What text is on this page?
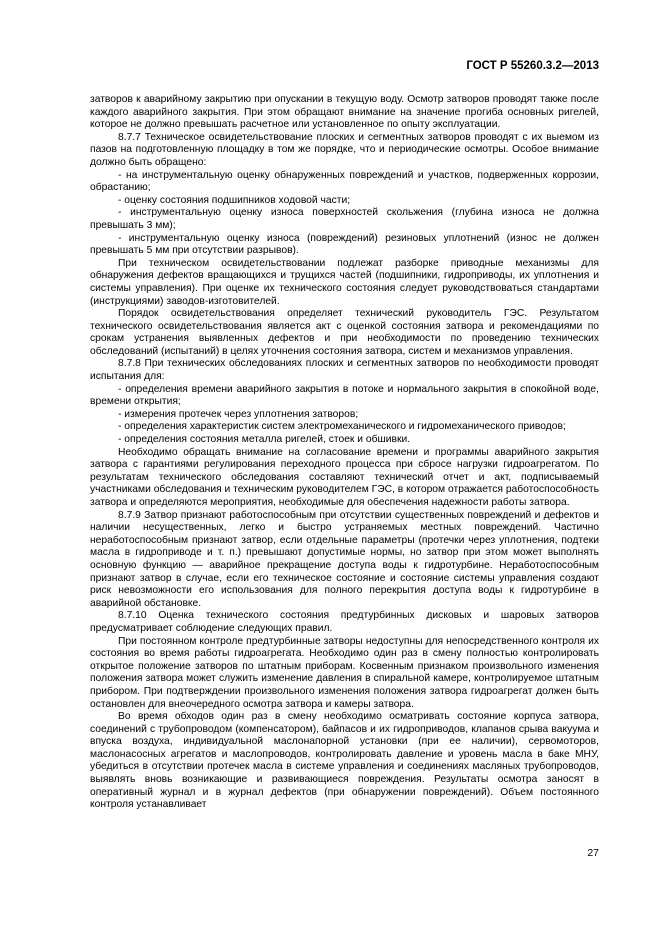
ГОСТ Р 55260.3.2—2013

затворов к аварийному закрытию при опускании в текущую воду. Осмотр затворов проводят также после каждого аварийного закрытия. При этом обращают внимание на значение прогиба основных ригелей, которое не должно превышать расчетное или установленное по опыту эксплуатации.

8.7.7 Техническое освидетельствование плоских и сегментных затворов проводят с их выемом из пазов на подготовленную площадку в том же порядке, что и периодические осмотры. Особое внимание должно быть обращено:

- на инструментальную оценку обнаруженных повреждений и участков, подверженных коррозии, обрастанию;

- оценку состояния подшипников ходовой части;

- инструментальную оценку износа поверхностей скольжения (глубина износа не должна превышать 3 мм);

- инструментальную оценку износа (повреждений) резиновых уплотнений (износ не должен превышать 5 мм при отсутствии разрывов).

При техническом освидетельствовании подлежат разборке приводные механизмы для обнаружения дефектов вращающихся и трущихся частей (подшипники, гидроприводы, их уплотнения и системы управления). При оценке их технического состояния следует руководствоваться стандартами (инструкциями) заводов-изготовителей.

Порядок освидетельствования определяет технический руководитель ГЭС. Результатом технического освидетельствования является акт с оценкой состояния затвора и рекомендациями по срокам устранения выявленных дефектов и при необходимости по проведению технических обследований (испытаний) в целях уточнения состояния затвора, систем и механизмов управления.

8.7.8 При технических обследованиях плоских и сегментных затворов по необходимости проводят испытания для:

- определения времени аварийного закрытия в потоке и нормального закрытия в спокойной воде, времени открытия;

- измерения протечек через уплотнения затворов;

- определения характеристик систем электромеханического и гидромеханического приводов;

- определения состояния металла ригелей, стоек и обшивки.

Необходимо обращать внимание на согласование времени и программы аварийного закрытия затвора с гарантиями регулирования переходного процесса при сбросе нагрузки гидроагрегатом. По результатам технического обследования составляют технический отчет и акт, подписываемый участниками обследования и техническим руководителем ГЭС, в котором отражается работоспособность затвора и определяются мероприятия, необходимые для обеспечения надежности работы затвора.

8.7.9 Затвор признают работоспособным при отсутствии существенных повреждений и дефектов и наличии несущественных, легко и быстро устраняемых местных повреждений. Частично неработоспособным признают затвор, если отдельные параметры (протечки через уплотнения, подтеки масла в гидроприводе и т. п.) превышают допустимые нормы, но затвор при этом может выполнять основную функцию — аварийное прекращение доступа воды к гидротурбине. Неработоспособным признают затвор в случае, если его техническое состояние и состояние системы управления создают риск невозможности его использования для полного перекрытия доступа воды к гидротурбине в аварийной обстановке.

8.7.10 Оценка технического состояния предтурбинных дисковых и шаровых затворов предусматривает соблюдение следующих правил.

При постоянном контроле предтурбинные затворы недоступны для непосредственного контроля их состояния во время работы гидроагрегата. Необходимо один раз в смену полностью контролировать открытое положение затворов по штатным приборам. Косвенным признаком произвольного изменения положения затвора может служить изменение давления в спиральной камере, контролируемое штатным прибором. При подтверждении произвольного изменения положения затвора гидроагрегат должен быть остановлен для внеочередного осмотра затвора и камеры затвора.

Во время обходов один раз в смену необходимо осматривать состояние корпуса затвора, соединений с трубопроводом (компенсатором), байпасов и их гидроприводов, клапанов срыва вакуума и впуска воздуха, индивидуальной маслонапорной установки (при ее наличии), сервомоторов, маслонасосных агрегатов и маслопроводов, контролировать давление и уровень масла в баке МНУ, убедиться в отсутствии протечек масла в системе управления и соединениях масляных трубопроводов, выявлять вновь возникающие и развивающиеся повреждения. Результаты осмотра заносят в оперативный журнал и в журнал дефектов (при обнаружении повреждений). Объем постоянного контроля устанавливает

27
